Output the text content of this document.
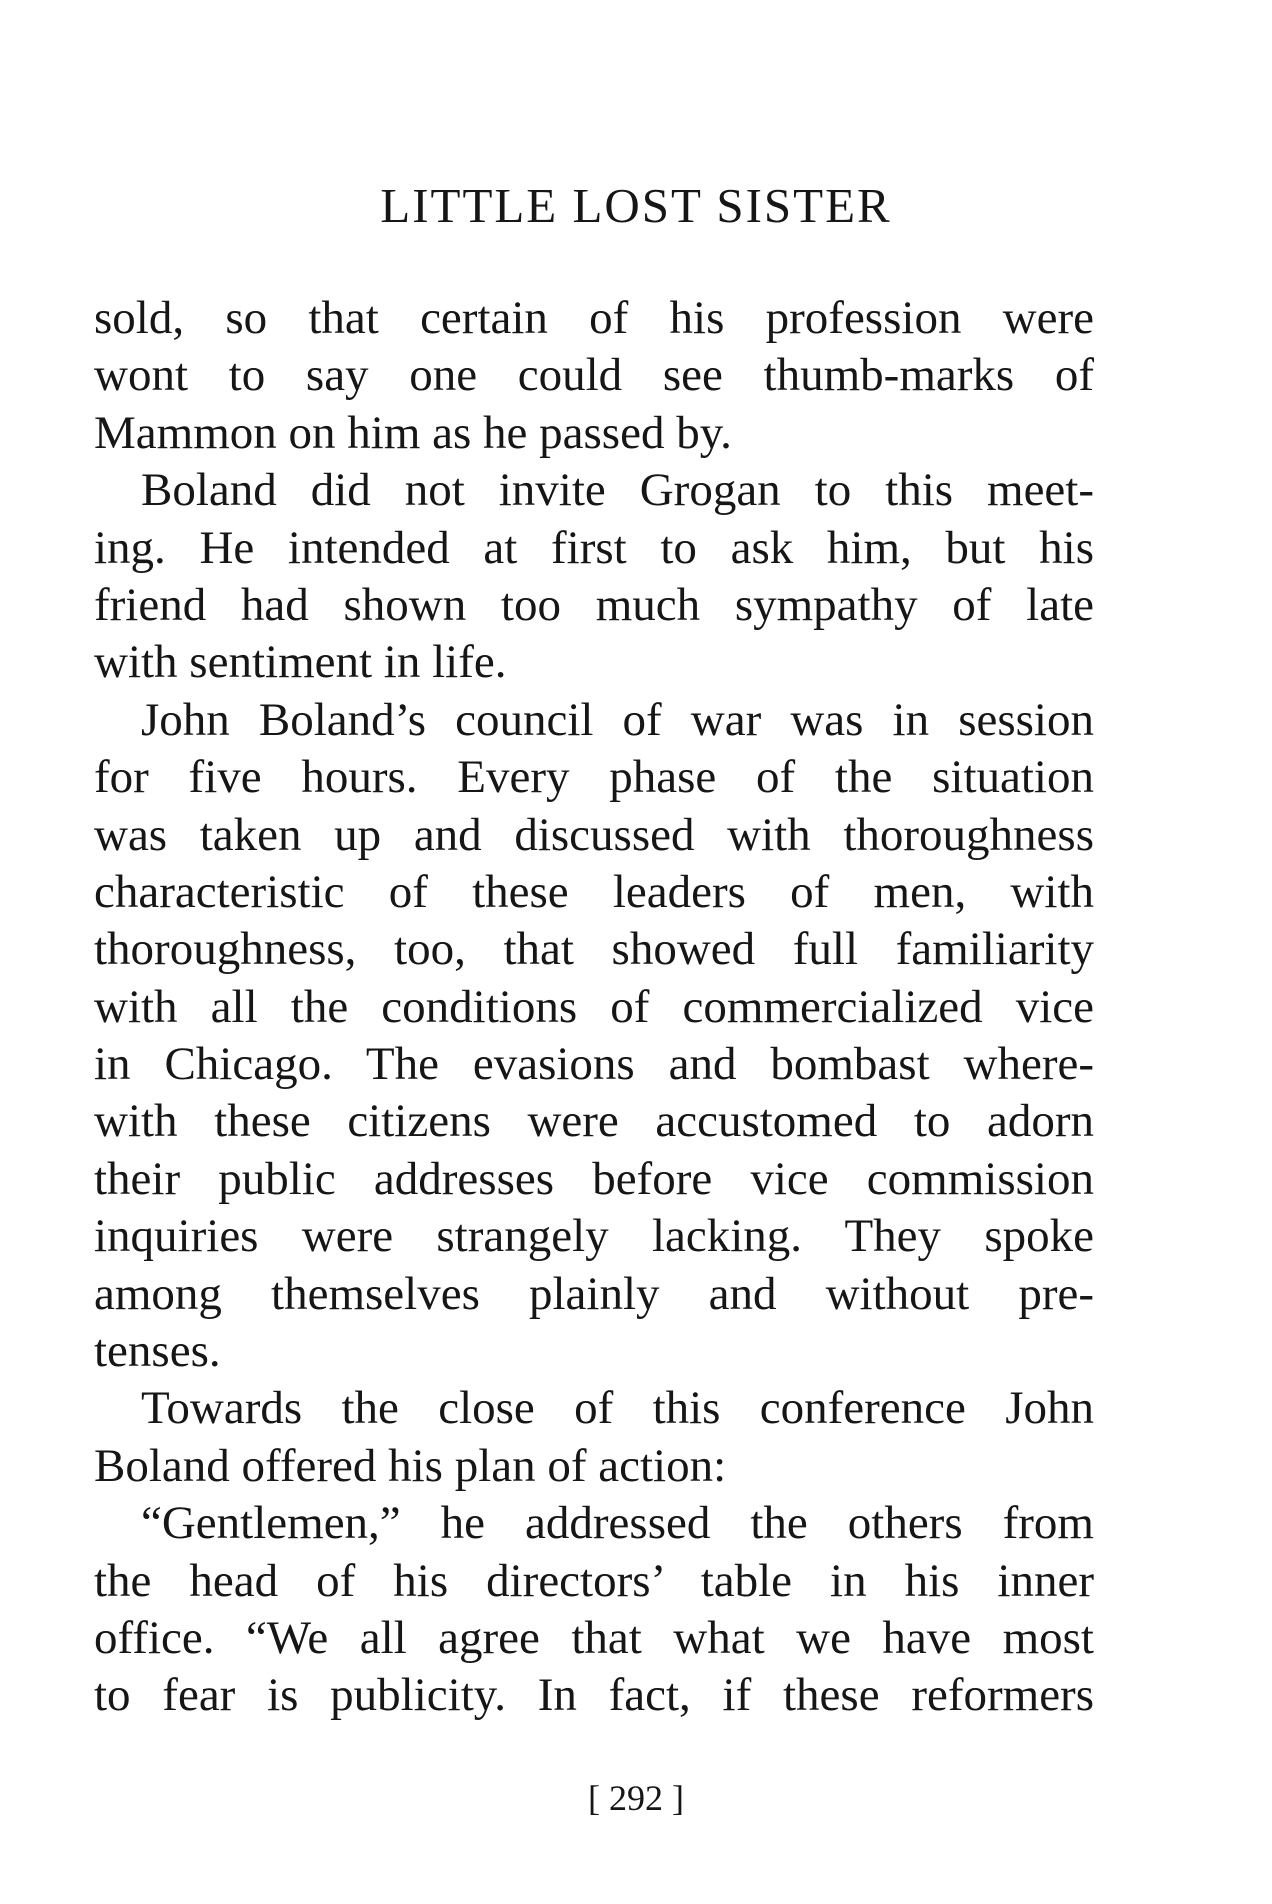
LITTLE LOST SISTER
sold, so that certain of his profession were
wont to say one could see thumb-marks of
Mammon on him as he passed by.
Boland did not invite Grogan to this meet-
ing. He intended at first to ask him, but his
friend had shown too much sympathy of late
with sentiment in life.
John Boland’s council of war was in session
for five hours. Every phase of the situation
was taken up and discussed with thoroughness
characteristic of these leaders of men, with
thoroughness, too, that showed full familiarity
with all the conditions of commercialized vice
in Chicago. The evasions and bombast where-
with these citizens were accustomed to adorn
their public addresses before vice commission
inquiries were strangely lacking. They spoke
among themselves plainly and without pre-
tenses.
Towards the close of this conference John
Boland offered his plan of action:
“Gentlemen,” he addressed the others from
the head of his directors’ table in his inner
office. “We all agree that what we have most
to fear is publicity. In fact, if these reformers
[ 292 ]
